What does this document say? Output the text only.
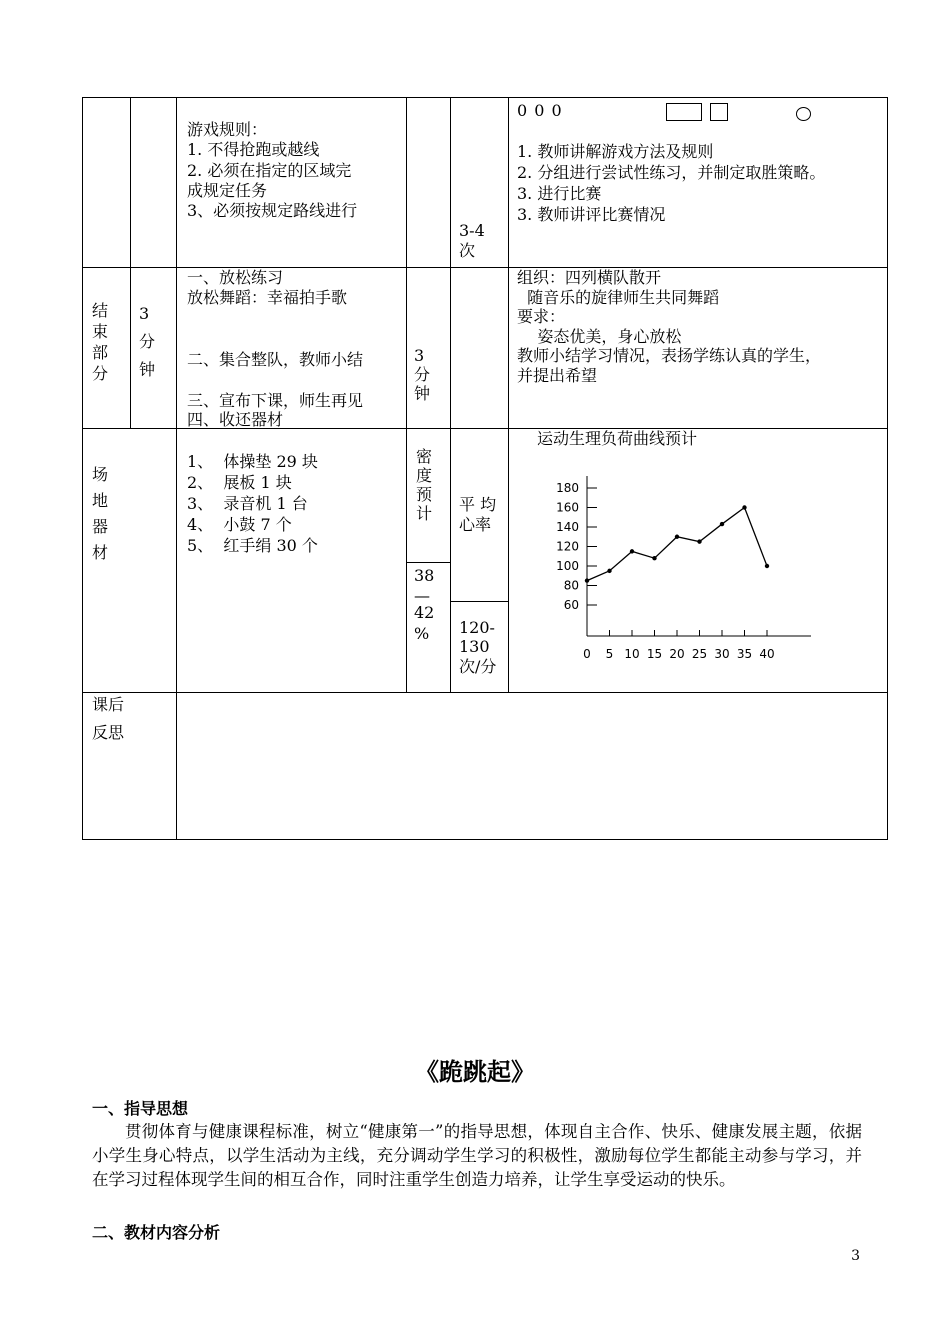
游戏规则：
1. 不得抢跑或越线
2. 必须在指定的区域完
成规定任务
3、必须按规定路线进行
3-4
次
0 0 0
1. 教师讲解游戏方法及规则
2. 分组进行尝试性练习，并制定取胜策略。
3. 进行比赛
3. 教师讲评比赛情况
结束部分
3分钟
一、放松练习
放松舞蹈：幸福拍手歌
二、集合整队，教师小结
三、宣布下课，师生再见
四、收还器材
3分钟
组织：四列横队散开
随音乐的旋律师生共同舞蹈
要求：
姿态优美，身心放松
教师小结学习情况，表扬学练认真的学生，
并提出希望
场地器材
1、  体操垫 29 块
2、  展板 1 块
3、  录音机 1 台
4、  小鼓 7 个
5、  红手绢 30 个
密度预计
38
—
42
%
平 均
心率
120-
130
次/分
运动生理负荷曲线预计
180
160
140
120
100
80
60
0 5 10 15 20 25 30 35 40
课后
反思
《跪跳起》
一、指导思想
贯彻体育与健康课程标准，树立“健康第一”的指导思想，体现自主合作、快乐、健康发展主题，依据小学生身心特点，以学生活动为主线，充分调动学生学习的积极性，激励每位学生都能主动参与学习，并在学习过程体现学生间的相互合作，同时注重学生创造力培养，让学生享受运动的快乐。
二、教材内容分析
3
